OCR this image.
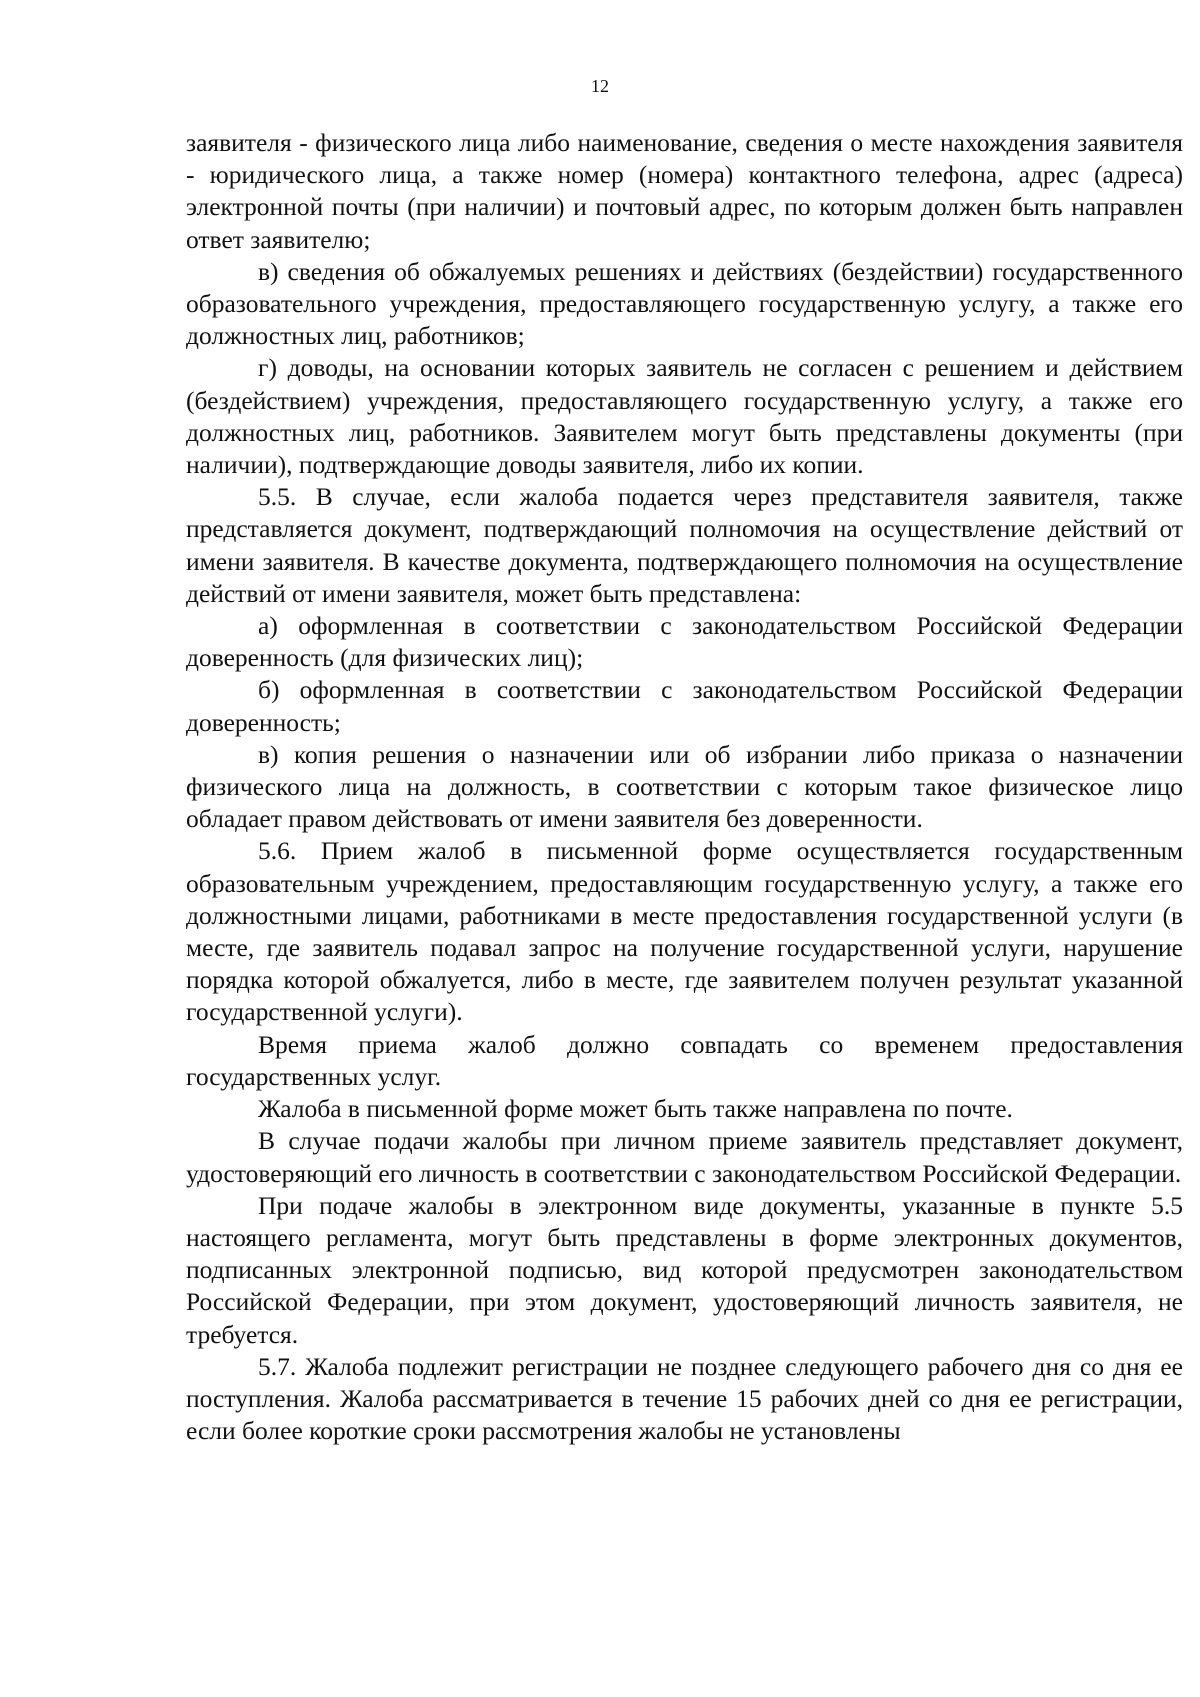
12

заявителя - физического лица либо наименование, сведения о месте нахождения заявителя - юридического лица, а также номер (номера) контактного телефона, адрес (адреса) электронной почты (при наличии) и почтовый адрес, по которым должен быть направлен ответ заявителю;

в) сведения об обжалуемых решениях и действиях (бездействии) государственного образовательного учреждения, предоставляющего государственную услугу, а также его должностных лиц, работников;

г) доводы, на основании которых заявитель не согласен с решением и действием (бездействием) учреждения, предоставляющего государственную услугу, а также его должностных лиц, работников. Заявителем могут быть представлены документы (при наличии), подтверждающие доводы заявителя, либо их копии.

5.5. В случае, если жалоба подается через представителя заявителя, также представляется документ, подтверждающий полномочия на осуществление действий от имени заявителя. В качестве документа, подтверждающего полномочия на осуществление действий от имени заявителя, может быть представлена:

а) оформленная в соответствии с законодательством Российской Федерации доверенность (для физических лиц);

б) оформленная в соответствии с законодательством Российской Федерации доверенность;

в) копия решения о назначении или об избрании либо приказа о назначении физического лица на должность, в соответствии с которым такое физическое лицо обладает правом действовать от имени заявителя без доверенности.

5.6. Прием жалоб в письменной форме осуществляется государственным образовательным учреждением, предоставляющим государственную услугу, а также его должностными лицами, работниками в месте предоставления государственной услуги (в месте, где заявитель подавал запрос на получение государственной услуги, нарушение порядка которой обжалуется, либо в месте, где заявителем получен результат указанной государственной услуги).

Время приема жалоб должно совпадать со временем предоставления государственных услуг.

Жалоба в письменной форме может быть также направлена по почте.

В случае подачи жалобы при личном приеме заявитель представляет документ, удостоверяющий его личность в соответствии с законодательством Российской Федерации.

При подаче жалобы в электронном виде документы, указанные в пункте 5.5 настоящего регламента, могут быть представлены в форме электронных документов, подписанных электронной подписью, вид которой предусмотрен законодательством Российской Федерации, при этом документ, удостоверяющий личность заявителя, не требуется.

5.7. Жалоба подлежит регистрации не позднее следующего рабочего дня со дня ее поступления. Жалоба рассматривается в течение 15 рабочих дней со дня ее регистрации, если более короткие сроки рассмотрения жалобы не установлены
